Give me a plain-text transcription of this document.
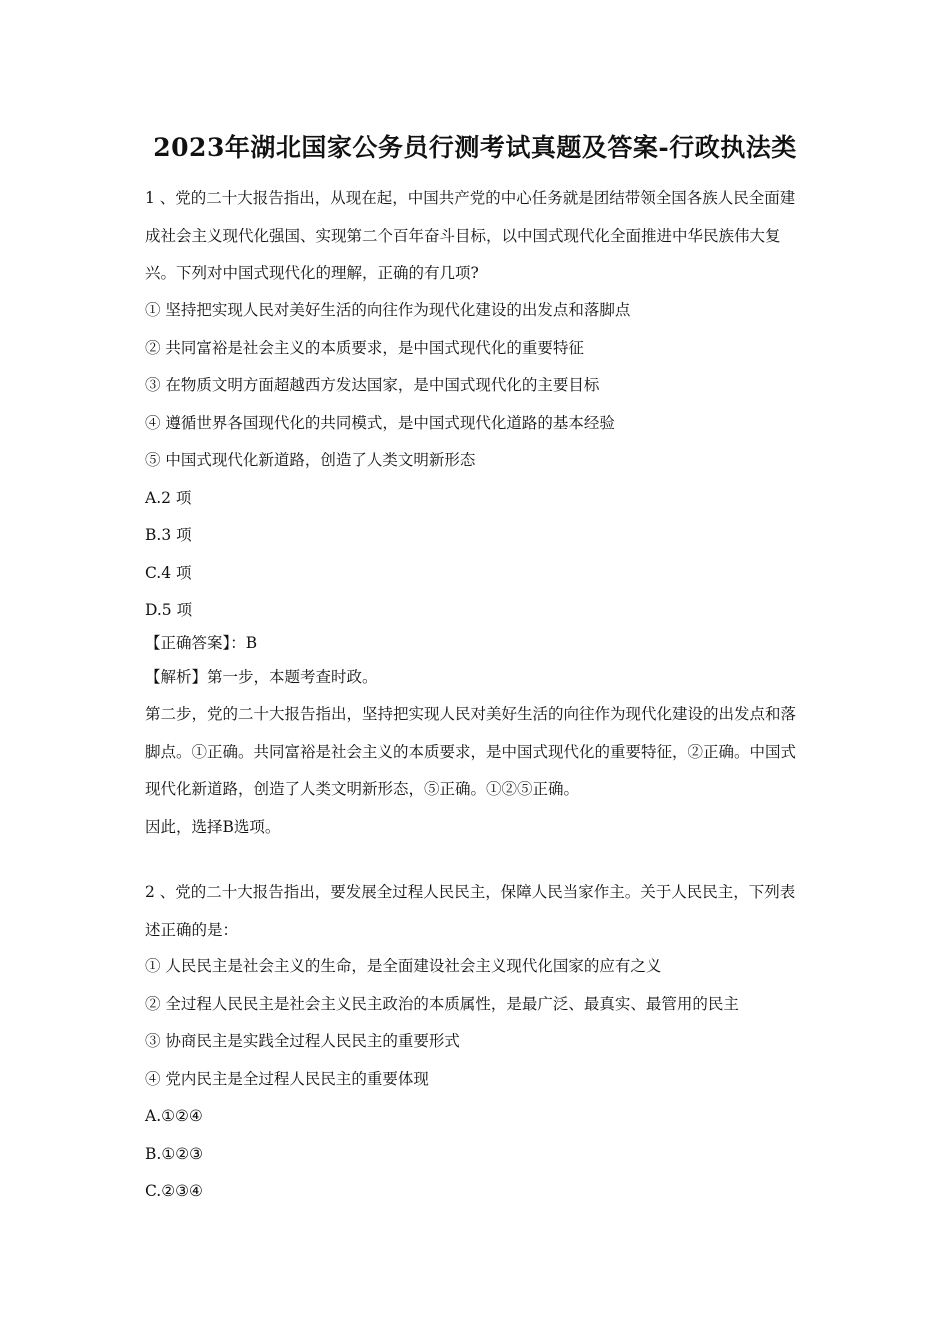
2023年湖北国家公务员行测考试真题及答案-行政执法类

1 、党的二十大报告指出，从现在起，中国共产党的中心任务就是团结带领全国各族人民全面建成社会主义现代化强国、实现第二个百年奋斗目标，以中国式现代化全面推进中华民族伟大复兴。下列对中国式现代化的理解，正确的有几项?

① 坚持把实现人民对美好生活的向往作为现代化建设的出发点和落脚点
② 共同富裕是社会主义的本质要求，是中国式现代化的重要特征
③ 在物质文明方面超越西方发达国家，是中国式现代化的主要目标
④ 遵循世界各国现代化的共同模式，是中国式现代化道路的基本经验
⑤ 中国式现代化新道路，创造了人类文明新形态
A.2 项
B.3 项
C.4 项
D.5 项
【正确答案】：B
【解析】第一步，本题考查时政。

第二步，党的二十大报告指出，坚持把实现人民对美好生活的向往作为现代化建设的出发点和落脚点。①正确。共同富裕是社会主义的本质要求，是中国式现代化的重要特征，②正确。中国式现代化新道路，创造了人类文明新形态，⑤正确。①②⑤正确。

因此，选择B选项。

2 、党的二十大报告指出，要发展全过程人民民主，保障人民当家作主。关于人民民主，下列表述正确的是：

① 人民民主是社会主义的生命，是全面建设社会主义现代化国家的应有之义
② 全过程人民民主是社会主义民主政治的本质属性，是最广泛、最真实、最管用的民主
③ 协商民主是实践全过程人民民主的重要形式
④ 党内民主是全过程人民民主的重要体现
A.①②④
B.①②③
C.②③④
